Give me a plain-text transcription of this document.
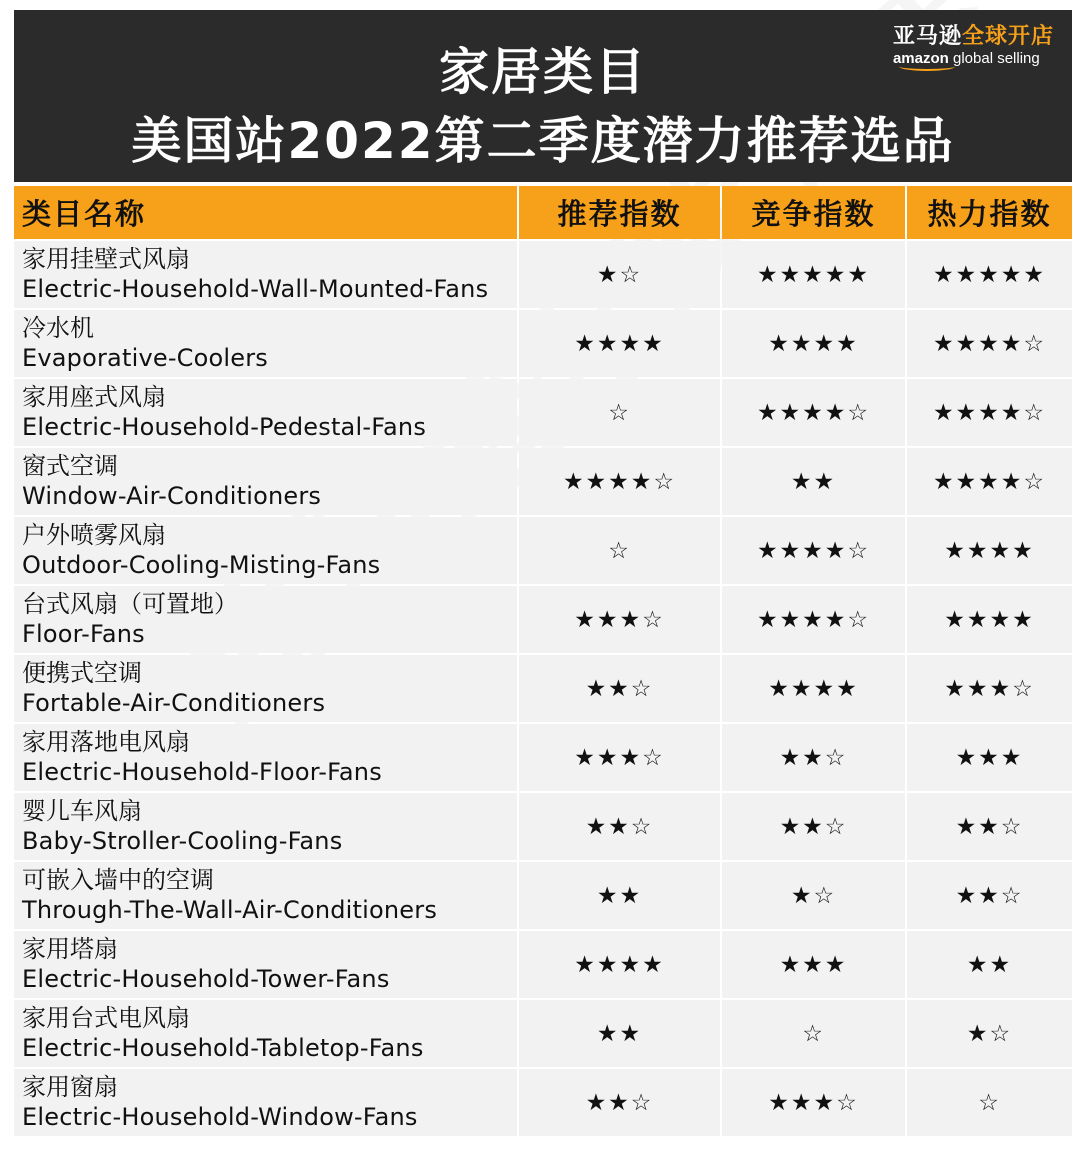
家居类目
美国站2022第二季度潜力推荐选品
亚马逊全球开店
amazon global selling
类目名称	推荐指数	竞争指数	热力指数

家用挂壁式风扇
Electric-Household-Wall-Mounted-Fans	★☆	★★★★★	★★★★★

冷水机
Evaporative-Coolers	★★★★	★★★★	★★★★☆

家用座式风扇
Electric-Household-Pedestal-Fans	☆	★★★★☆	★★★★☆

窗式空调
Window-Air-Conditioners	★★★★☆	★★	★★★★☆

户外喷雾风扇
Outdoor-Cooling-Misting-Fans	☆	★★★★☆	★★★★

台式风扇（可置地）
Floor-Fans	★★★☆	★★★★☆	★★★★

便携式空调
Fortable-Air-Conditioners	★★☆	★★★★	★★★☆

家用落地电风扇
Electric-Household-Floor-Fans	★★★☆	★★☆	★★★

婴儿车风扇
Baby-Stroller-Cooling-Fans	★★☆	★★☆	★★☆

可嵌入墙中的空调
Through-The-Wall-Air-Conditioners	★★	★☆	★★☆

家用塔扇
Electric-Household-Tower-Fans	★★★★	★★★	★★

家用台式电风扇
Electric-Household-Tabletop-Fans	★★	☆	★☆

家用窗扇
Electric-Household-Window-Fans	★★☆	★★★☆	☆
